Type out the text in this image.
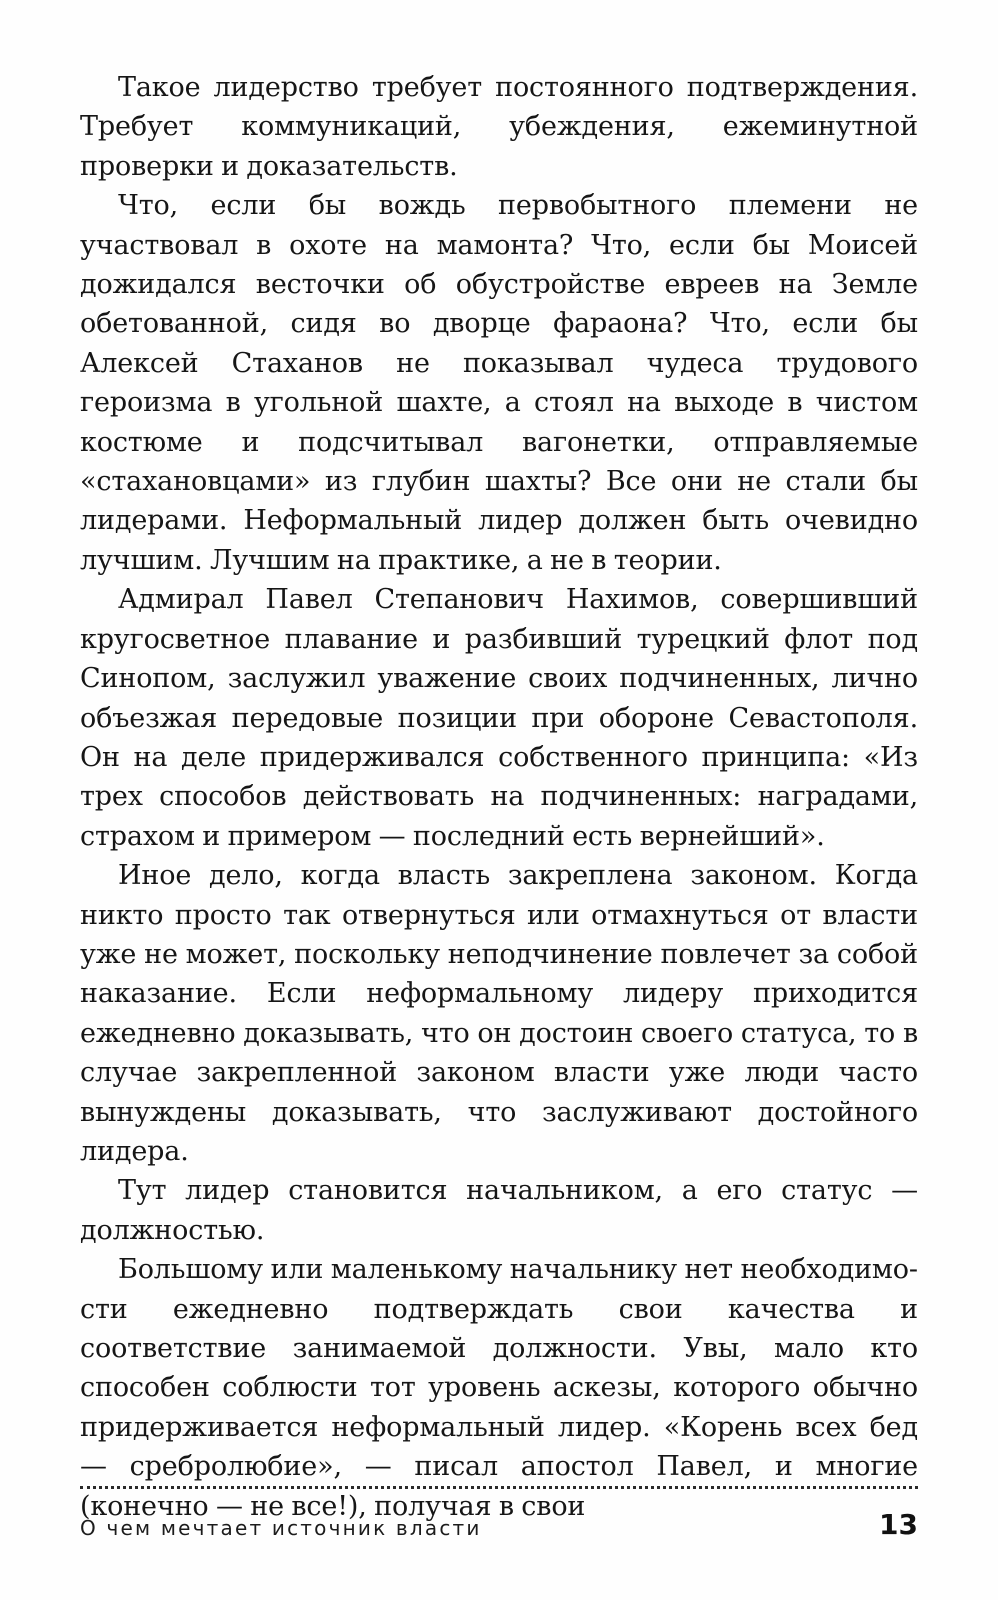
Такое лидерство требует постоянного подтверждения. Требует коммуникаций, убеждения, ежеминутной проверки и доказательств.

Что, если бы вождь первобытного племени не участвовал в охоте на мамонта? Что, если бы Моисей дожидался весточки об обустройстве евреев на Земле обетованной, сидя во дворце фараона? Что, если бы Алексей Стаханов не показывал чудеса трудового героизма в угольной шахте, а стоял на выходе в чистом костюме и подсчитывал вагонетки, отправляемые «стахановцами» из глубин шахты? Все они не стали бы лидерами. Неформальный лидер должен быть очевидно лучшим. Лучшим на практике, а не в теории.

Адмирал Павел Степанович Нахимов, совершивший кругосветное плавание и разбивший турецкий флот под Синопом, заслужил уважение своих подчиненных, лично объезжая передовые позиции при обороне Севастополя. Он на деле придерживался собственного принципа: «Из трех способов действовать на подчиненных: наградами, страхом и примером — последний есть вернейший».

Иное дело, когда власть закреплена законом. Когда никто просто так отвернуться или отмахнуться от власти уже не может, поскольку неподчинение повлечет за собой наказание. Если неформальному лидеру приходится ежедневно доказывать, что он достоин своего статуса, то в случае закрепленной законом власти уже люди часто вынуждены доказывать, что заслуживают достойного лидера.

Тут лидер становится начальником, а его статус — должностью.

Большому или маленькому начальнику нет необходимости ежедневно подтверждать свои качества и соответствие занимаемой должности. Увы, мало кто способен соблюсти тот уровень аскезы, которого обычно придерживается неформальный лидер. «Корень всех бед — сребролюбие», — писал апостол Павел, и многие (конечно — не все!), получая в свои

О чем мечтает источник власти	13
